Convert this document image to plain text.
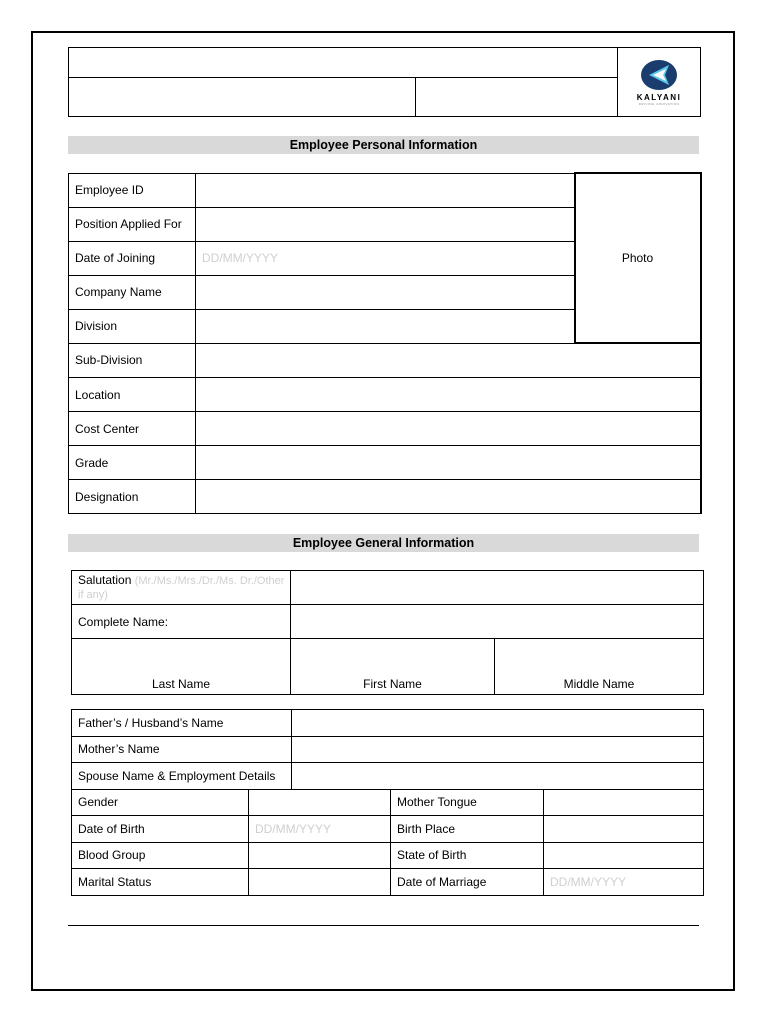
KALYANI
DRIVING INNOVATION
Employee Personal Information
Employee ID		Photo

Position Applied For		

Date of Joining	DD/MM/YYYY	

Company Name		

Division		

Sub-Division		

Location		

Cost Center		

Grade		

Designation		

Employee General Information
Salutation (Mr./Ms./Mrs./Dr./Ms. Dr./Other if any)		

Complete Name:		

Last Name	First Name	Middle Name
Father’s / Husband’s Name				

Mother’s Name				

Spouse Name & Employment Details				

Gender			Mother Tongue	

Date of Birth	DD/MM/YYYY		Birth Place	

Blood Group			State of Birth	

Marital Status			Date of Marriage	DD/MM/YYYY
